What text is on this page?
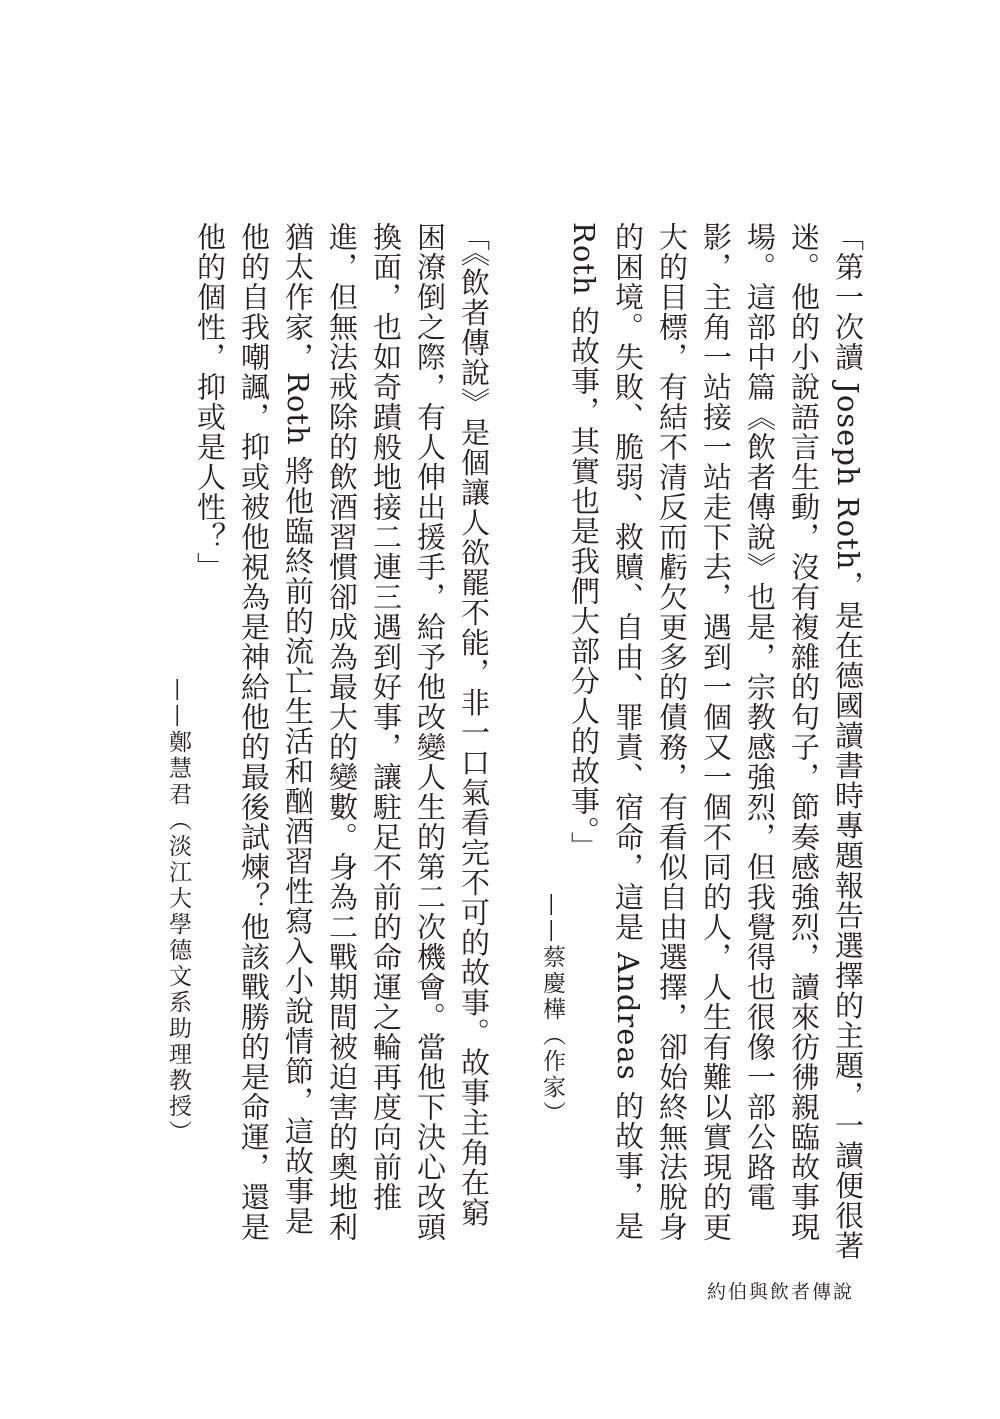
「第一次讀 Joseph Roth，是在德國讀書時專題報告選擇的主題，一讀便很著
迷。他的小說語言生動，沒有複雜的句子，節奏感強烈，讀來彷彿親臨故事現
場。這部中篇《飲者傳說》也是，宗教感強烈，但我覺得也很像一部公路電
影，主角一站接一站走下去，遇到一個又一個不同的人，人生有難以實現的更
大的目標，有結不清反而虧欠更多的債務，有看似自由選擇，卻始終無法脫身
的困境。失敗、脆弱、救贖、自由、罪責、宿命，這是 Andreas 的故事，是
Roth 的故事，其實也是我們大部分人的故事。」
——蔡慶樺（作家）
「《飲者傳說》是個讓人欲罷不能，非一口氣看完不可的故事。故事主角在窮
困潦倒之際，有人伸出援手，給予他改變人生的第二次機會。當他下決心改頭
換面，也如奇蹟般地接二連三遇到好事，讓駐足不前的命運之輪再度向前推
進，但無法戒除的飲酒習慣卻成為最大的變數。身為二戰期間被迫害的奧地利
猶太作家，Roth 將他臨終前的流亡生活和酗酒習性寫入小說情節，這故事是
他的自我嘲諷，抑或被他視為是神給他的最後試煉？他該戰勝的是命運，還是
他的個性，抑或是人性？」
——鄭慧君（淡江大學德文系助理教授）
約伯與飲者傳說
